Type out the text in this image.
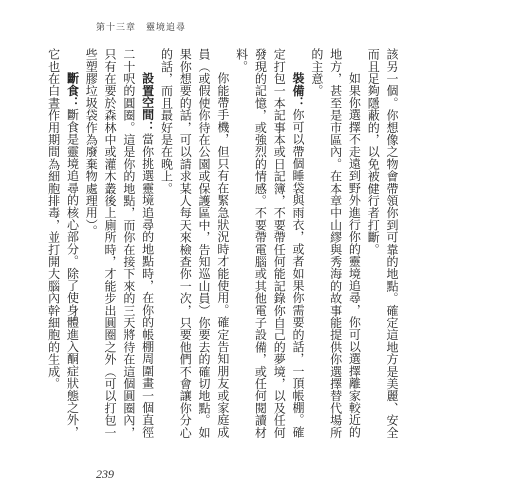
第十三章　靈境追尋

該另一個。你想像之物會帶領你到可靠的地點。確定這地方是美麗、安全而且足夠隱蔽的，以免被健行者打斷。

如果你選擇不走遠到野外進行你的靈境追尋，你可以選擇離家較近的地方，甚至是市區內。在本章中山繆與秀海的故事能提供你選擇替代場所的主意。

裝備：你可以帶個睡袋與雨衣，或者如果你需要的話，一頂帳棚。確定打包一本記事本或日記簿，不要帶任何能記錄你自己的夢境，以及任何發現的記憶，或強烈的情感。不要帶電腦或其他電子設備，或任何閱讀材料。

你能帶手機，但只有在緊急狀況時才能使用。確定告知朋友或家庭成員（或假使你待在公園或保護區中，告知巡山員）你要去的確切地點。如果你想要的話，可以請求某人每天來檢查你一次，只要他們不會讓你分心的話，而且最好是在晚上。

設置空間：當你挑選靈境追尋的地點時，在你的帳棚周圍畫一個直徑二十呎的圓圈。這是你的地點，而你在接下來的三天將待在這個圓圈內，只有在要於森林中或灌木叢後上廁所時，才能步出圓圈之外（可以打包一些塑膠垃圾袋作為廢棄物處理用）。

斷食：斷食是靈境追尋的核心部分。除了使身體進入酮症狀態之外，它也在白晝作用期間為細胞排毒，並打開大腦內幹細胞的生成。

239
